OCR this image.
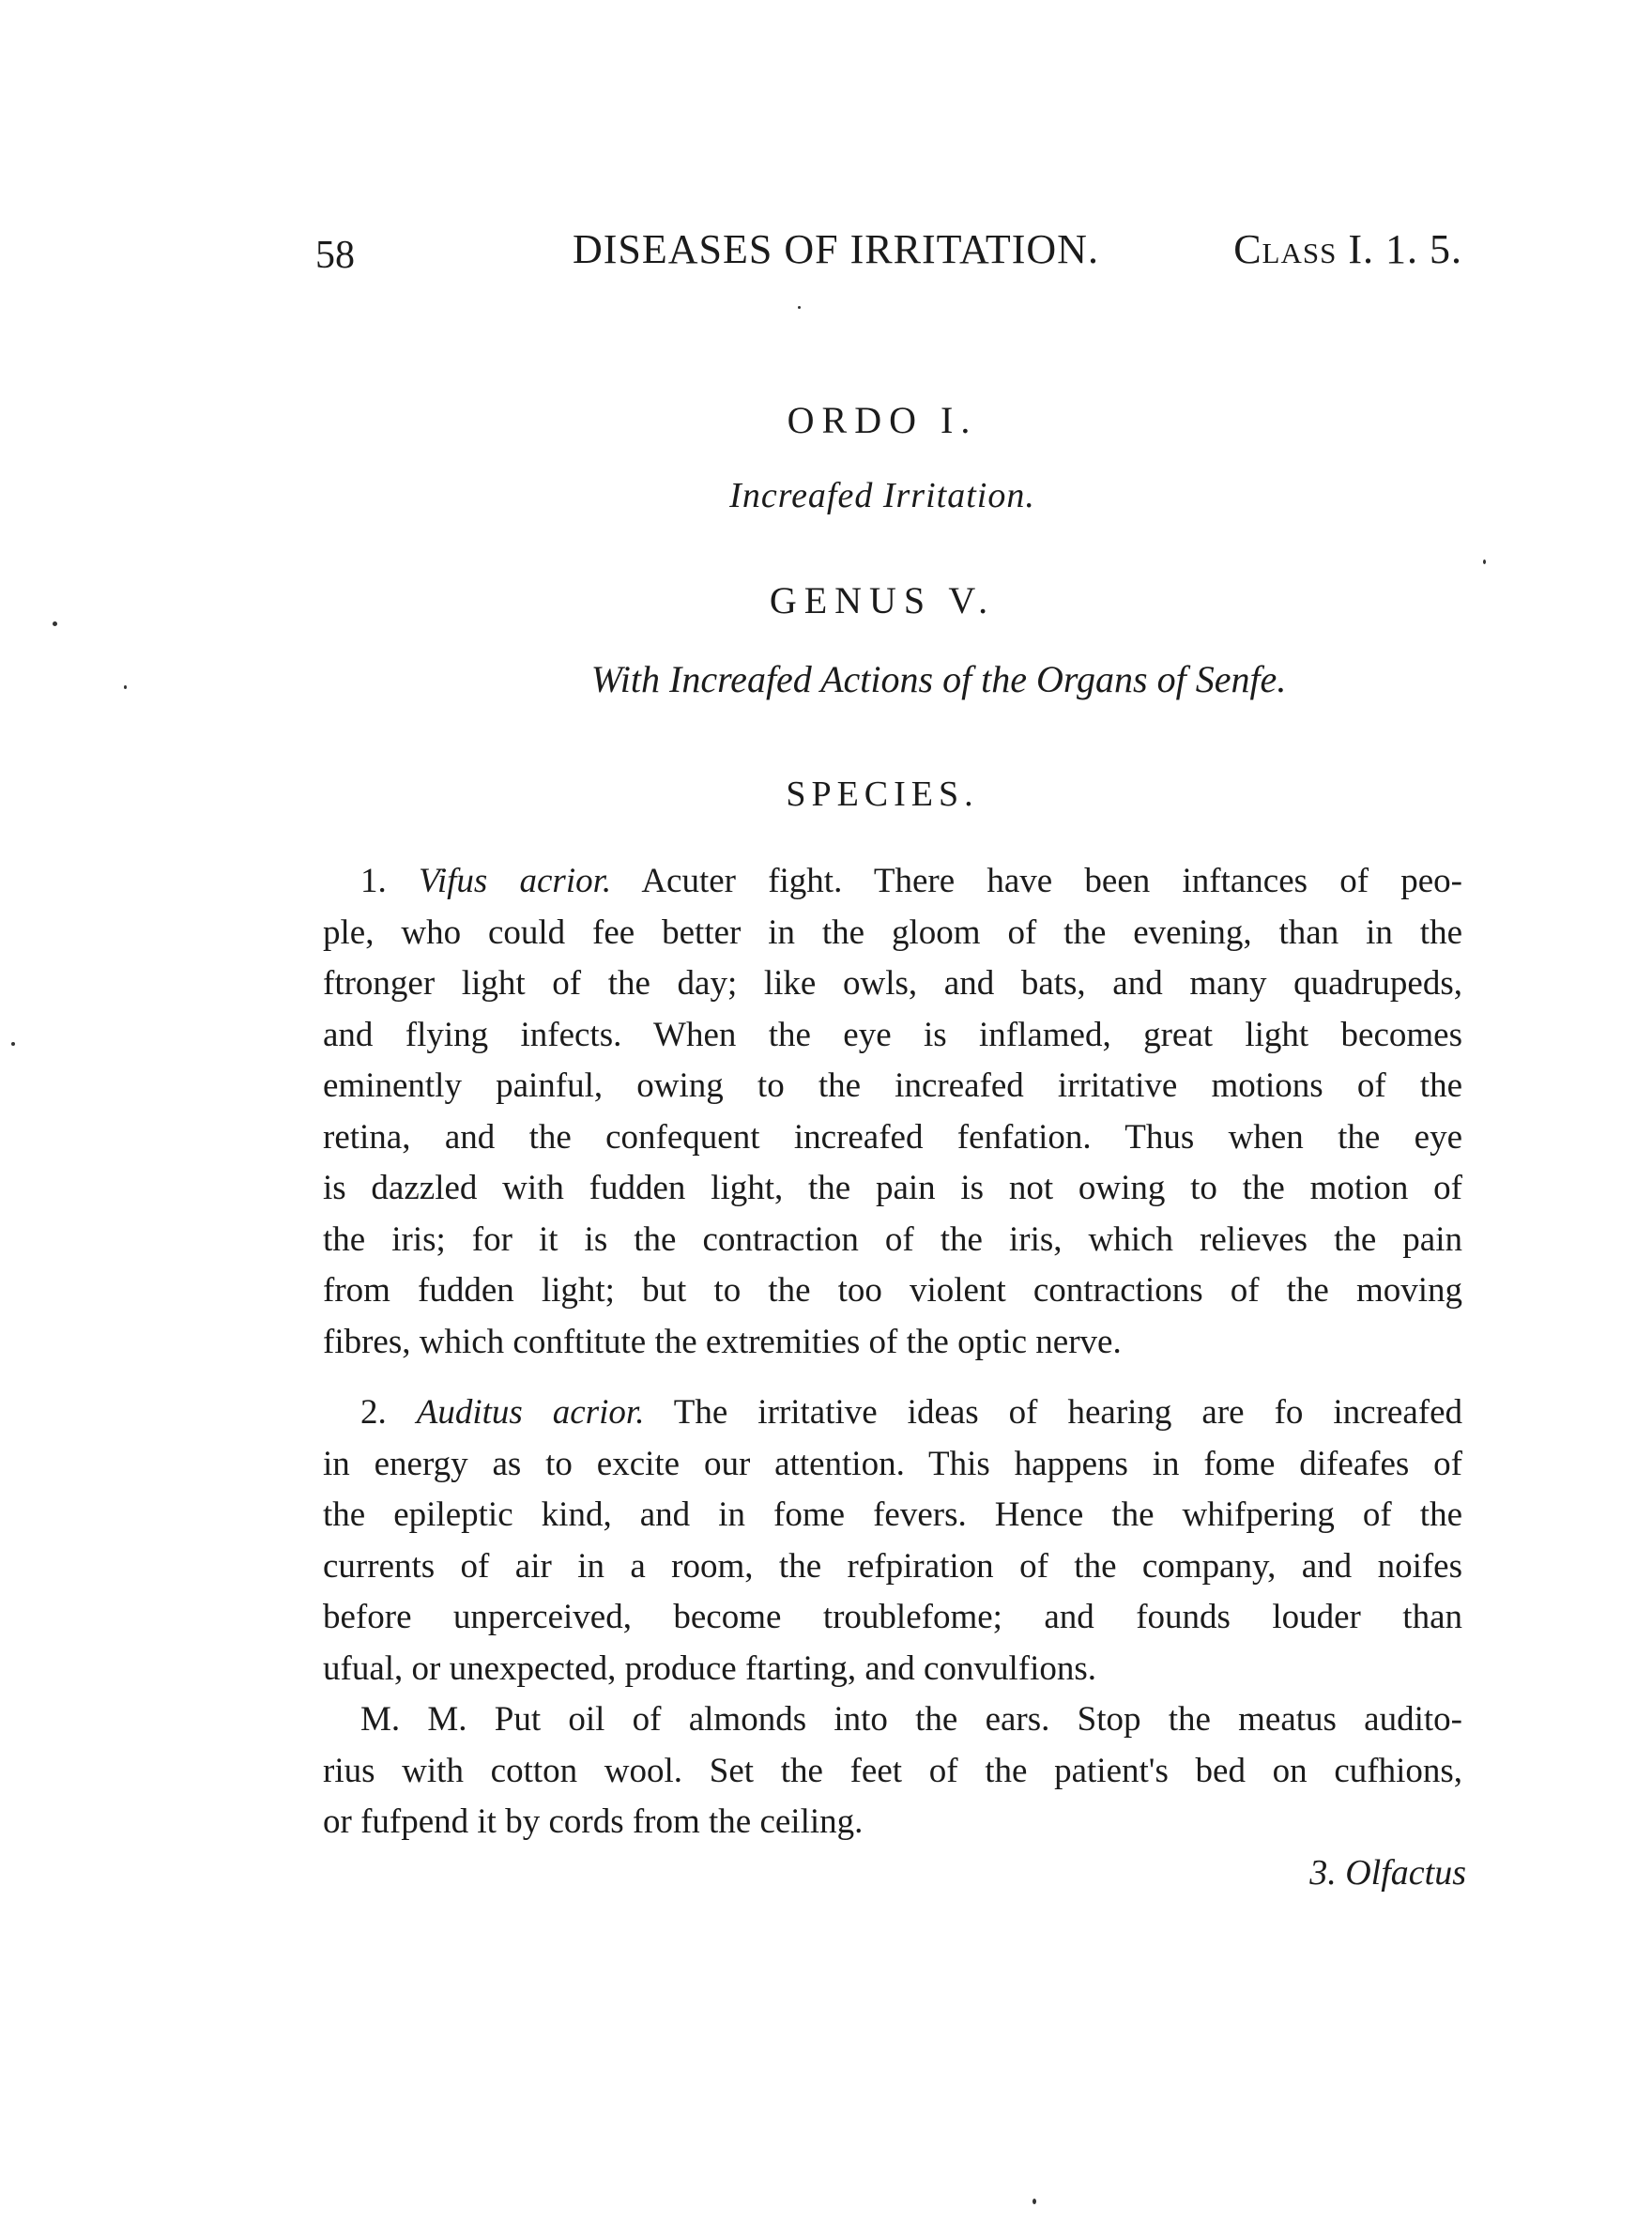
58	DISEASES OF IRRITATION.	Class I. 1. 5.
ORDO I.
Increafed Irritation.
GENUS V.
With Increafed Actions of the Organs of Senfe.
SPECIES.
1. Vifus acrior. Acuter fight. There have been inftances of peo-
ple, who could fee better in the gloom of the evening, than in the
ftronger light of the day; like owls, and bats, and many quadrupeds,
and flying infects. When the eye is inflamed, great light becomes
eminently painful, owing to the increafed irritative motions of the
retina, and the confequent increafed fenfation. Thus when the eye
is dazzled with fudden light, the pain is not owing to the motion of
the iris; for it is the contraction of the iris, which relieves the pain
from fudden light; but to the too violent contractions of the moving
fibres, which conftitute the extremities of the optic nerve.
2. Auditus acrior. The irritative ideas of hearing are fo increafed
in energy as to excite our attention. This happens in fome difeafes of
the epileptic kind, and in fome fevers. Hence the whifpering of the
currents of air in a room, the refpiration of the company, and noifes
before unperceived, become troublefome; and founds louder than
ufual, or unexpected, produce ftarting, and convulfions.
M. M. Put oil of almonds into the ears. Stop the meatus audito-
rius with cotton wool. Set the feet of the patient's bed on cufhions,
or fufpend it by cords from the ceiling.
3. Olfactus
